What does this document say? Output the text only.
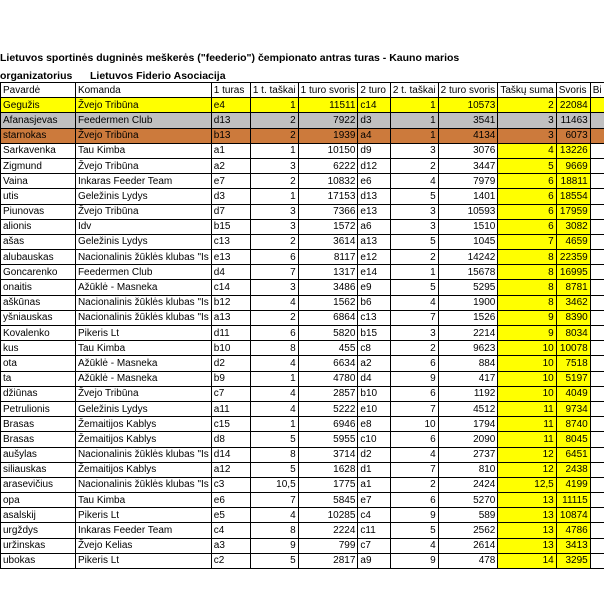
Lietuvos sportinės dugninės meškerės ("feederio") čempionato antras turas - Kauno marios
organizatorius Lietuvos Fiderio Asociacija
Pavardė	Komanda	1 turas	1 t. taškai	1 turo svoris	2 turo	2 t. taškai	2 turo svoris	Taškų suma	Svoris	Bi
Gegužis	Žvejo Tribūna	e4	1	11511	c14	1	10573	2	22084	
Afanasjevas	Feedermen Club	d13	2	7922	d3	1	3541	3	11463	
starnokas	Žvejo Tribūna	b13	2	1939	a4	1	4134	3	6073	
Sarkavenka	Tau Kimba	a1	1	10150	d9	3	3076	4	13226	
Zigmund	Žvejo Tribūna	a2	3	6222	d12	2	3447	5	9669	
Vaina	Inkaras Feeder Team	e7	2	10832	e6	4	7979	6	18811	
utis	Geležinis Lydys	d3	1	17153	d13	5	1401	6	18554	
Piunovas	Žvejo Tribūna	d7	3	7366	e13	3	10593	6	17959	
alionis	Idv	b15	3	1572	a6	3	1510	6	3082	
ašas	Geležinis Lydys	c13	2	3614	a13	5	1045	7	4659	
alubauskas	Nacionalinis žūklės klubas "Is	e13	6	8117	e12	2	14242	8	22359	
Goncarenko	Feedermen Club	d4	7	1317	e14	1	15678	8	16995	
onaitis	Ažūklė - Masneka	c14	3	3486	e9	5	5295	8	8781	
aškūnas	Nacionalinis žūklės klubas "Is	b12	4	1562	b6	4	1900	8	3462	
yšniauskas	Nacionalinis žūklės klubas "Is	a13	2	6864	c13	7	1526	9	8390	
Kovalenko	Pikeris Lt	d11	6	5820	b15	3	2214	9	8034	
kus	Tau Kimba	b10	8	455	c8	2	9623	10	10078	
ota	Ažūklė - Masneka	d2	4	6634	a2	6	884	10	7518	
ta	Ažūklė - Masneka	b9	1	4780	d4	9	417	10	5197	
džiūnas	Žvejo Tribūna	c7	4	2857	b10	6	1192	10	4049	
Petrulionis	Geležinis Lydys	a11	4	5222	e10	7	4512	11	9734	
Brasas	Žemaitijos Kablys	c15	1	6946	e8	10	1794	11	8740	
Brasas	Žemaitijos Kablys	d8	5	5955	c10	6	2090	11	8045	
aušylas	Nacionalinis žūklės klubas "Is	d14	8	3714	d2	4	2737	12	6451	
siliauskas	Žemaitijos Kablys	a12	5	1628	d1	7	810	12	2438	
arasevičius	Nacionalinis žūklės klubas "Is	c3	10,5	1775	a1	2	2424	12,5	4199	
opa	Tau Kimba	e6	7	5845	e7	6	5270	13	11115	
asalskij	Pikeris Lt	e5	4	10285	c4	9	589	13	10874	
urgždys	Inkaras Feeder Team	c4	8	2224	c11	5	2562	13	4786	
uržinskas	Žvejo Kelias	a3	9	799	c7	4	2614	13	3413	
ubokas	Pikeris Lt	c2	5	2817	a9	9	478	14	3295	
